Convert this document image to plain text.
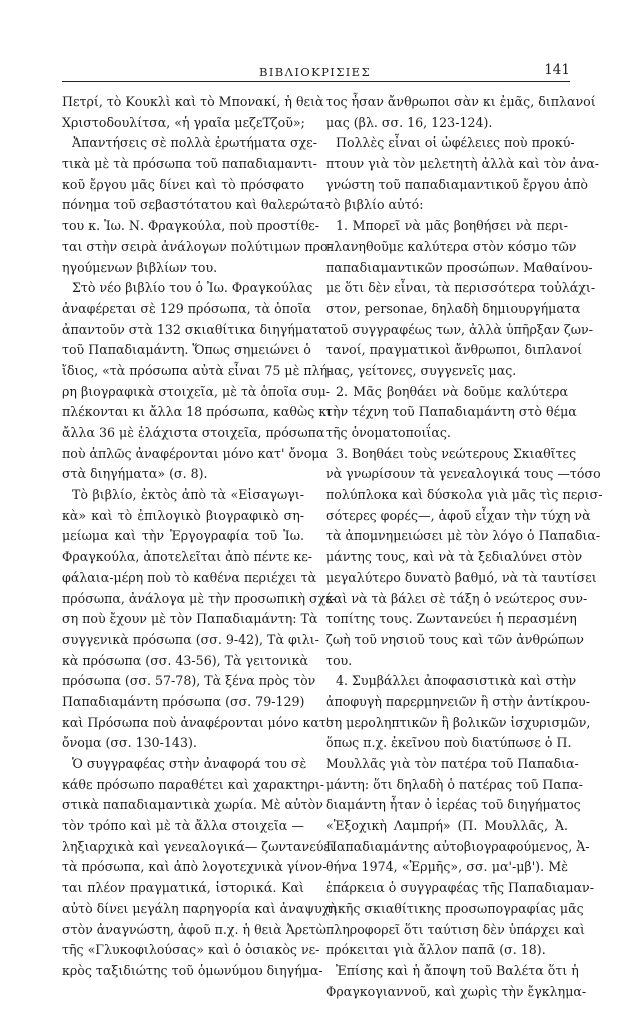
ΒΙΒΛΙΟΚΡΙΣΙΕΣ	141
Πετρί, τὸ Κουκλὶ καὶ τὸ Μπονακί, ἡ θειὰ
Χριστοδουλίτσα, «ἡ γραῖα μεζεΤζοῦ»;
Ἀπαντήσεις σὲ πολλὰ ἐρωτήματα σχε-
τικὰ μὲ τὰ πρόσωπα τοῦ παπαδιαμαντι-
κοῦ ἔργου μᾶς δίνει καὶ τὸ πρόσφατο
πόνημα τοῦ σεβαστότατου καὶ θαλερώτα-
του κ. Ἰω. Ν. Φραγκούλα, ποὺ προστίθε-
ται στὴν σειρὰ ἀνάλογων πολύτιμων προ-
ηγούμενων βιβλίων του.
Στὸ νέο βιβλίο του ὁ Ἰω. Φραγκούλας
ἀναφέρεται σὲ 129 πρόσωπα, τὰ ὁποῖα
ἀπαντοῦν στὰ 132 σκιαθίτικα διηγήματα
τοῦ Παπαδιαμάντη. Ὅπως σημειώνει ὁ
ἴδιος, «τὰ πρόσωπα αὐτὰ εἶναι 75 μὲ πλή-
ρη βιογραφικὰ στοιχεῖα, μὲ τὰ ὁποῖα συμ-
πλέκονται κι ἄλλα 18 πρόσωπα, καθὼς κι
ἄλλα 36 μὲ ἐλάχιστα στοιχεῖα, πρόσωπα
ποὺ ἁπλῶς ἀναφέρονται μόνο κατ' ὄνομα
στὰ διηγήματα» (σ. 8).
Τὸ βιβλίο, ἐκτὸς ἀπὸ τὰ «Εἰσαγωγι-
κὰ» καὶ τὸ ἐπιλογικὸ βιογραφικὸ ση-
μείωμα καὶ τὴν Ἐργογραφία τοῦ Ἰω.
Φραγκούλα, ἀποτελεῖται ἀπὸ πέντε κε-
φάλαια-μέρη ποὺ τὸ καθένα περιέχει τὰ
πρόσωπα, ἀνάλογα μὲ τὴν προσωπικὴ σχέ-
ση ποὺ ἔχουν μὲ τὸν Παπαδιαμάντη: Τὰ
συγγενικὰ πρόσωπα (σσ. 9-42), Τὰ φιλι-
κὰ πρόσωπα (σσ. 43-56), Τὰ γειτονικὰ
πρόσωπα (σσ. 57-78), Τὰ ξένα πρὸς τὸν
Παπαδιαμάντη πρόσωπα (σσ. 79-129)
καὶ Πρόσωπα ποὺ ἀναφέρονται μόνο κατ'
ὄνομα (σσ. 130-143).
Ὁ συγγραφέας στὴν ἀναφορά του σὲ
κάθε πρόσωπο παραθέτει καὶ χαρακτηρι-
στικὰ παπαδιαμαντικὰ χωρία. Μὲ αὐτὸν
τὸν τρόπο καὶ μὲ τὰ ἄλλα στοιχεῖα —
ληξιαρχικὰ καὶ γενεαλογικά— ζωντανεύει
τὰ πρόσωπα, καὶ ἀπὸ λογοτεχνικὰ γίνον-
ται πλέον πραγματικά, ἱστορικά. Καὶ
αὐτὸ δίνει μεγάλη παρηγορία καὶ ἀναψυχὴ
στὸν ἀναγνώστη, ἀφοῦ π.χ. ἡ θειὰ Ἀρετὼ
τῆς «Γλυκοφιλούσας» καὶ ὁ ὁσιακὸς νε-
κρὸς ταξιδιώτης τοῦ ὁμωνύμου διηγήμα-
τος ἦσαν ἄνθρωποι σὰν κι ἐμᾶς, διπλανοί
μας (βλ. σσ. 16, 123-124).
Πολλὲς εἶναι οἱ ὠφέλειες ποὺ προκύ-
πτουν γιὰ τὸν μελετητὴ ἀλλὰ καὶ τὸν ἀνα-
γνώστη τοῦ παπαδιαμαντικοῦ ἔργου ἀπὸ
τὸ βιβλίο αὐτό:
1. Μπορεῖ νὰ μᾶς βοηθήσει νὰ περι-
πλανηθοῦμε καλύτερα στὸν κόσμο τῶν
παπαδιαμαντικῶν προσώπων. Μαθαίνου-
με ὅτι δὲν εἶναι, τὰ περισσότερα τοὐλάχι-
στον, personae, δηλαδὴ δημιουργήματα
τοῦ συγγραφέως των, ἀλλὰ ὑπῆρξαν ζων-
τανοί, πραγματικοὶ ἄνθρωποι, διπλανοί
μας, γείτονες, συγγενεῖς μας.
2. Μᾶς βοηθάει νὰ δοῦμε καλύτερα
τὴν τέχνη τοῦ Παπαδιαμάντη στὸ θέμα
τῆς ὀνοματοποιΐας.
3. Βοηθάει τοὺς νεώτερους Σκιαθῖτες
νὰ γνωρίσουν τὰ γενεαλογικά τους —τόσο
πολύπλοκα καὶ δύσκολα γιὰ μᾶς τὶς περισ-
σότερες φορές—, ἀφοῦ εἶχαν τὴν τύχη νὰ
τὰ ἀπομνημειώσει μὲ τὸν λόγο ὁ Παπαδια-
μάντης τους, καὶ νὰ τὰ ξεδιαλύνει στὸν
μεγαλύτερο δυνατὸ βαθμό, νὰ τὰ ταυτίσει
καὶ νὰ τὰ βάλει σὲ τάξη ὁ νεώτερος συν-
τοπίτης τους. Ζωντανεύει ἡ περασμένη
ζωὴ τοῦ νησιοῦ τους καὶ τῶν ἀνθρώπων
του.
4. Συμβάλλει ἀποφασιστικὰ καὶ στὴν
ἀποφυγὴ παρερμηνειῶν ἢ στὴν ἀντίκρου-
ση μεροληπτικῶν ἢ βολικῶν ἰσχυρισμῶν,
ὅπως π.χ. ἐκεῖνου ποὺ διατύπωσε ὁ Π.
Μουλλᾶς γιὰ τὸν πατέρα τοῦ Παπαδια-
μάντη: ὅτι δηλαδὴ ὁ πατέρας τοῦ Παπα-
διαμάντη ἦταν ὁ ἱερέας τοῦ διηγήματος
«Ἐξοχικὴ Λαμπρή» (Π. Μουλλᾶς, Ἀ.
Παπαδιαμάντης αὐτοβιογραφούμενος, Ἀ-
θήνα 1974, «Ἑρμῆς», σσ. μα'-μβ'). Μὲ
ἐπάρκεια ὁ συγγραφέας τῆς Παπαδιαμαν-
τικῆς σκιαθίτικης προσωπογραφίας μᾶς
πληροφορεῖ ὅτι ταύτιση δὲν ὑπάρχει καὶ
πρόκειται γιὰ ἄλλον παπᾶ (σ. 18).
Ἐπίσης καὶ ἡ ἄποψη τοῦ Βαλέτα ὅτι ἡ
Φραγκογιαννοῦ, καὶ χωρὶς τὴν ἔγκλημα-
